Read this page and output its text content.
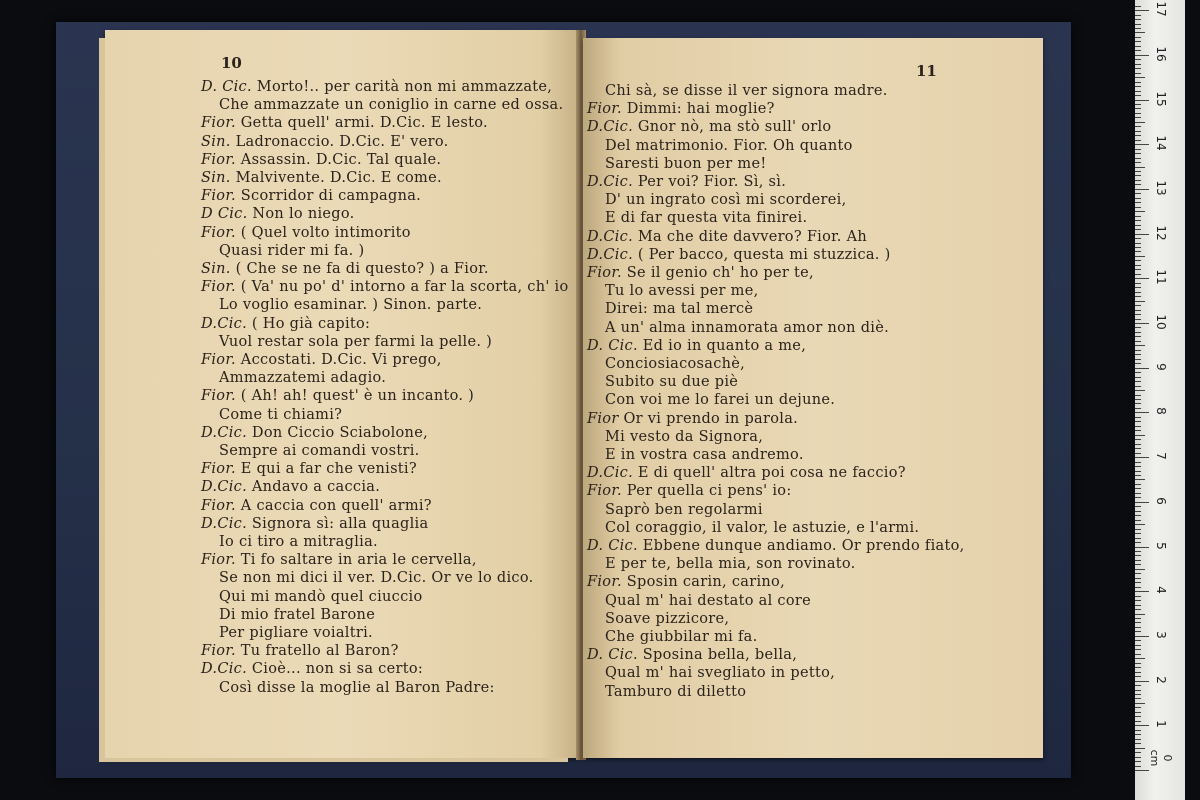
10
D. Cic. Morto!.. per carità non mi ammazzate,
Che ammazzate un coniglio in carne ed ossa.
Fior. Getta quell' armi. D.Cic. E lesto.
Sin. Ladronaccio. D.Cic. E' vero.
Fior. Assassin. D.Cic. Tal quale.
Sin. Malvivente. D.Cic. E come.
Fior. Scorridor di campagna.
D Cic. Non lo niego.
Fior. ( Quel volto intimorito
Quasi rider mi fa. )
Sin. ( Che se ne fa di questo? ) a Fior.
Fior. ( Va' nu po' d' intorno a far la scorta, ch' io
Lo voglio esaminar. ) Sinon. parte.
D.Cic. ( Ho già capito:
Vuol restar sola per farmi la pelle. )
Fior. Accostati. D.Cic. Vi prego,
Ammazzatemi adagio.
Fior. ( Ah! ah! quest' è un incanto. )
Come ti chiami?
D.Cic. Don Ciccio Sciabolone,
Sempre ai comandi vostri.
Fior. E qui a far che venisti?
D.Cic. Andavo a caccia.
Fior. A caccia con quell' armi?
D.Cic. Signora sì: alla quaglia
Io ci tiro a mitraglia.
Fior. Ti fo saltare in aria le cervella,
Se non mi dici il ver. D.Cic. Or ve lo dico.
Qui mi mandò quel ciuccio
Di mio fratel Barone
Per pigliare voialtri.
Fior. Tu fratello al Baron?
D.Cic. Cioè... non si sa certo:
Così disse la moglie al Baron Padre:
11
Chi sà, se disse il ver signora madre.
Fior. Dimmi: hai moglie?
D.Cic. Gnor nò, ma stò sull' orlo
Del matrimonio. Fior. Oh quanto
Saresti buon per me!
D.Cic. Per voi? Fior. Sì, sì.
D' un ingrato così mi scorderei,
E di far questa vita finirei.
D.Cic. Ma che dite davvero? Fior. Ah
D.Cic. ( Per bacco, questa mi stuzzica. )
Fior. Se il genio ch' ho per te,
Tu lo avessi per me,
Direi: ma tal mercè
A un' alma innamorata amor non diè.
D. Cic. Ed io in quanto a me,
Conciosiacosachè,
Subito su due piè
Con voi me lo farei un dejune.
Fior Or vi prendo in parola.
Mi vesto da Signora,
E in vostra casa andremo.
D.Cic. E di quell' altra poi cosa ne faccio?
Fior. Per quella ci pens' io:
Saprò ben regolarmi
Col coraggio, il valor, le astuzie, e l'armi.
D. Cic. Ebbene dunque andiamo. Or prendo fiato,
E per te, bella mia, son rovinato.
Fior. Sposin carin, carino,
Qual m' hai destato al core
Soave pizzicore,
Che giubbilar mi fa.
D. Cic. Sposina bella, bella,
Qual m' hai svegliato in petto,
Tamburo di diletto
0 cm
1
2
3
4
5
6
7
8
9
10
11
12
13
14
15
16
17
